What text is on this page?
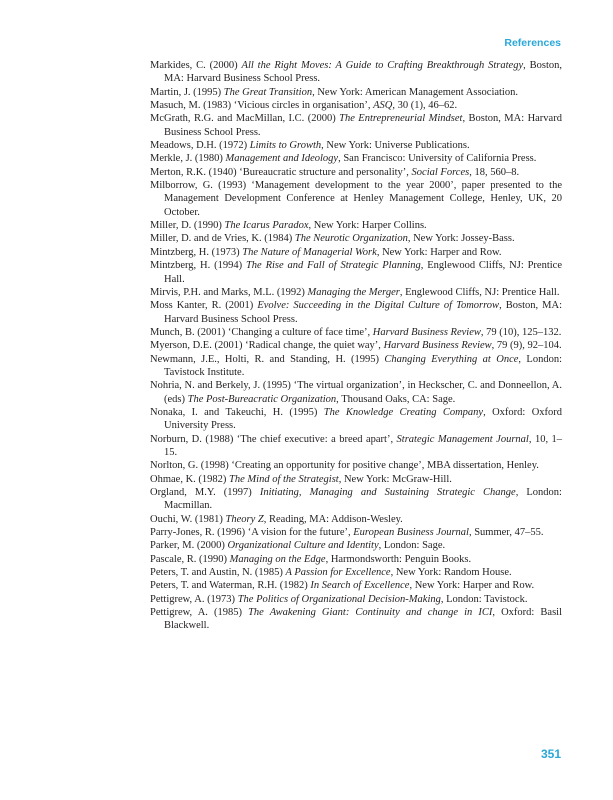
References
Markides, C. (2000) All the Right Moves: A Guide to Crafting Breakthrough Strategy, Boston, MA: Harvard Business School Press.
Martin, J. (1995) The Great Transition, New York: American Management Association.
Masuch, M. (1983) ‘Vicious circles in organisation’, ASQ, 30 (1), 46–62.
McGrath, R.G. and MacMillan, I.C. (2000) The Entrepreneurial Mindset, Boston, MA: Harvard Business School Press.
Meadows, D.H. (1972) Limits to Growth, New York: Universe Publications.
Merkle, J. (1980) Management and Ideology, San Francisco: University of California Press.
Merton, R.K. (1940) ‘Bureaucratic structure and personality’, Social Forces, 18, 560–8.
Milborrow, G. (1993) ‘Management development to the year 2000’, paper presented to the Management Development Conference at Henley Management College, Henley, UK, 20 October.
Miller, D. (1990) The Icarus Paradox, New York: Harper Collins.
Miller, D. and de Vries, K. (1984) The Neurotic Organization, New York: Jossey-Bass.
Mintzberg, H. (1973) The Nature of Managerial Work, New York: Harper and Row.
Mintzberg, H. (1994) The Rise and Fall of Strategic Planning, Englewood Cliffs, NJ: Prentice Hall.
Mirvis, P.H. and Marks, M.L. (1992) Managing the Merger, Englewood Cliffs, NJ: Prentice Hall.
Moss Kanter, R. (2001) Evolve: Succeeding in the Digital Culture of Tomorrow, Boston, MA: Harvard Business School Press.
Munch, B. (2001) ‘Changing a culture of face time’, Harvard Business Review, 79 (10), 125–132.
Myerson, D.E. (2001) ‘Radical change, the quiet way’, Harvard Business Review, 79 (9), 92–104.
Newmann, J.E., Holti, R. and Standing, H. (1995) Changing Everything at Once, London: Tavistock Institute.
Nohria, N. and Berkely, J. (1995) ‘The virtual organization’, in Heckscher, C. and Donneellon, A. (eds) The Post-Bureacratic Organization, Thousand Oaks, CA: Sage.
Nonaka, I. and Takeuchi, H. (1995) The Knowledge Creating Company, Oxford: Oxford University Press.
Norburn, D. (1988) ‘The chief executive: a breed apart’, Strategic Management Journal, 10, 1–15.
Norlton, G. (1998) ‘Creating an opportunity for positive change’, MBA dissertation, Henley.
Ohmae, K. (1982) The Mind of the Strategist, New York: McGraw-Hill.
Orgland, M.Y. (1997) Initiating, Managing and Sustaining Strategic Change, London: Macmillan.
Ouchi, W. (1981) Theory Z, Reading, MA: Addison-Wesley.
Parry-Jones, R. (1996) ‘A vision for the future’, European Business Journal, Summer, 47–55.
Parker, M. (2000) Organizational Culture and Identity, London: Sage.
Pascale, R. (1990) Managing on the Edge, Harmondsworth: Penguin Books.
Peters, T. and Austin, N. (1985) A Passion for Excellence, New York: Random House.
Peters, T. and Waterman, R.H. (1982) In Search of Excellence, New York: Harper and Row.
Pettigrew, A. (1973) The Politics of Organizational Decision-Making, London: Tavistock.
Pettigrew, A. (1985) The Awakening Giant: Continuity and change in ICI, Oxford: Basil Blackwell.
351
